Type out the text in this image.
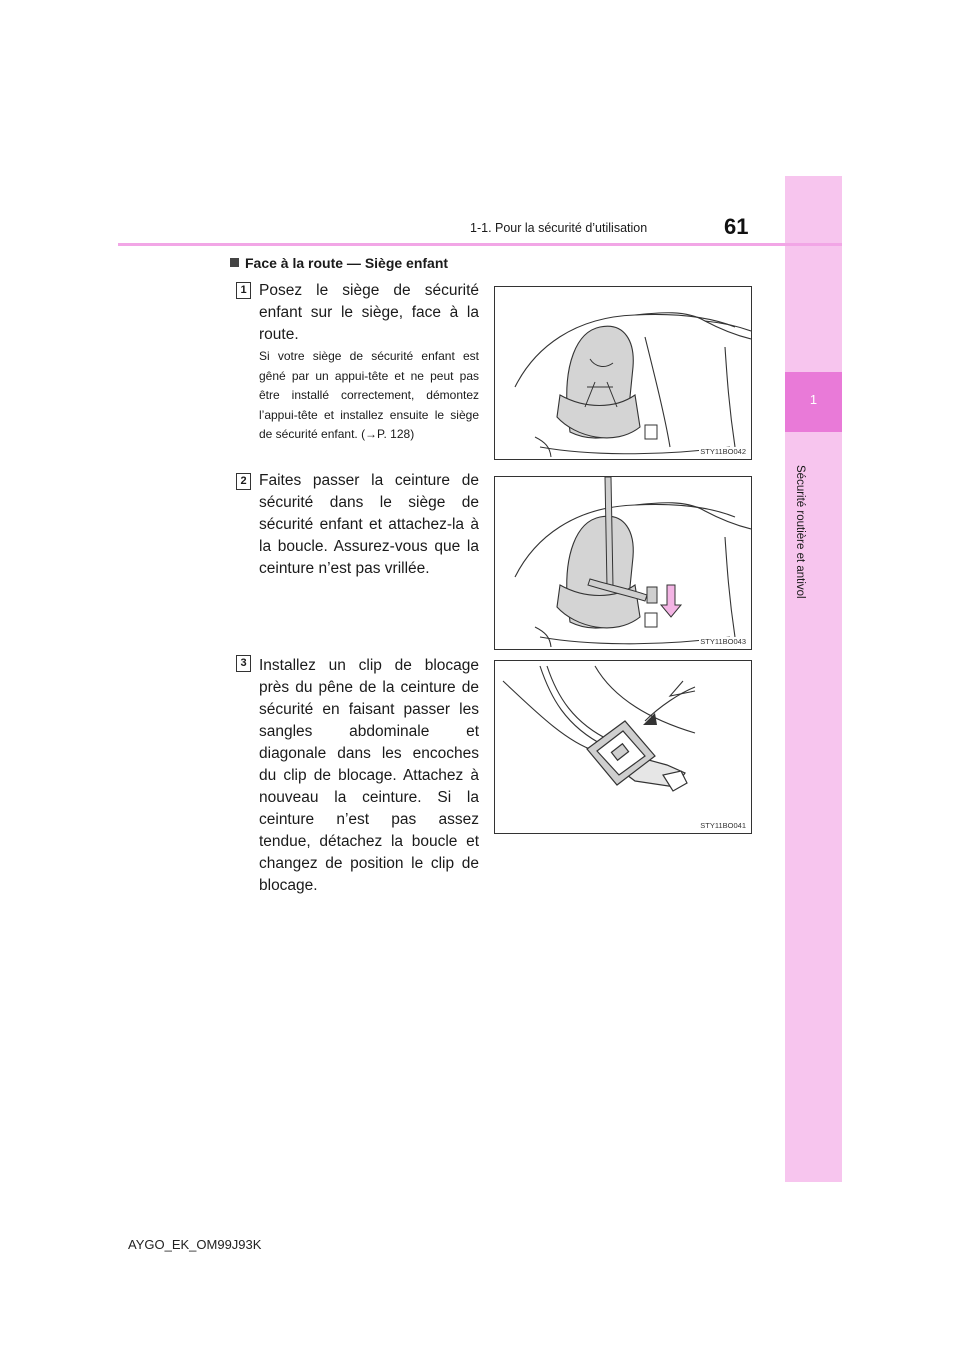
1
Sécurité routière et antivol
1-1. Pour la sécurité d’utilisation	61
Face à la route — Siège enfant
1 Posez le siège de sécurité enfant sur le siège, face à la route.
Si votre siège de sécurité enfant est gêné par un appui-tête et ne peut pas être installé correctement, démontez l’appui-tête et installez ensuite le siège de sécurité enfant. (→P. 128)
STY11BO042
2 Faites passer la ceinture de sécurité dans le siège de sécurité enfant et attachez-la à la boucle. Assurez-vous que la ceinture n’est pas vrillée.
STY11BO043
3 Installez un clip de blocage près du pêne de la ceinture de sécurité en faisant passer les sangles abdominale et diagonale dans les encoches du clip de blocage. Attachez à nouveau la ceinture. Si la ceinture n’est pas assez tendue, détachez la boucle et changez de position le clip de blocage.
STY11BO041
AYGO_EK_OM99J93K
